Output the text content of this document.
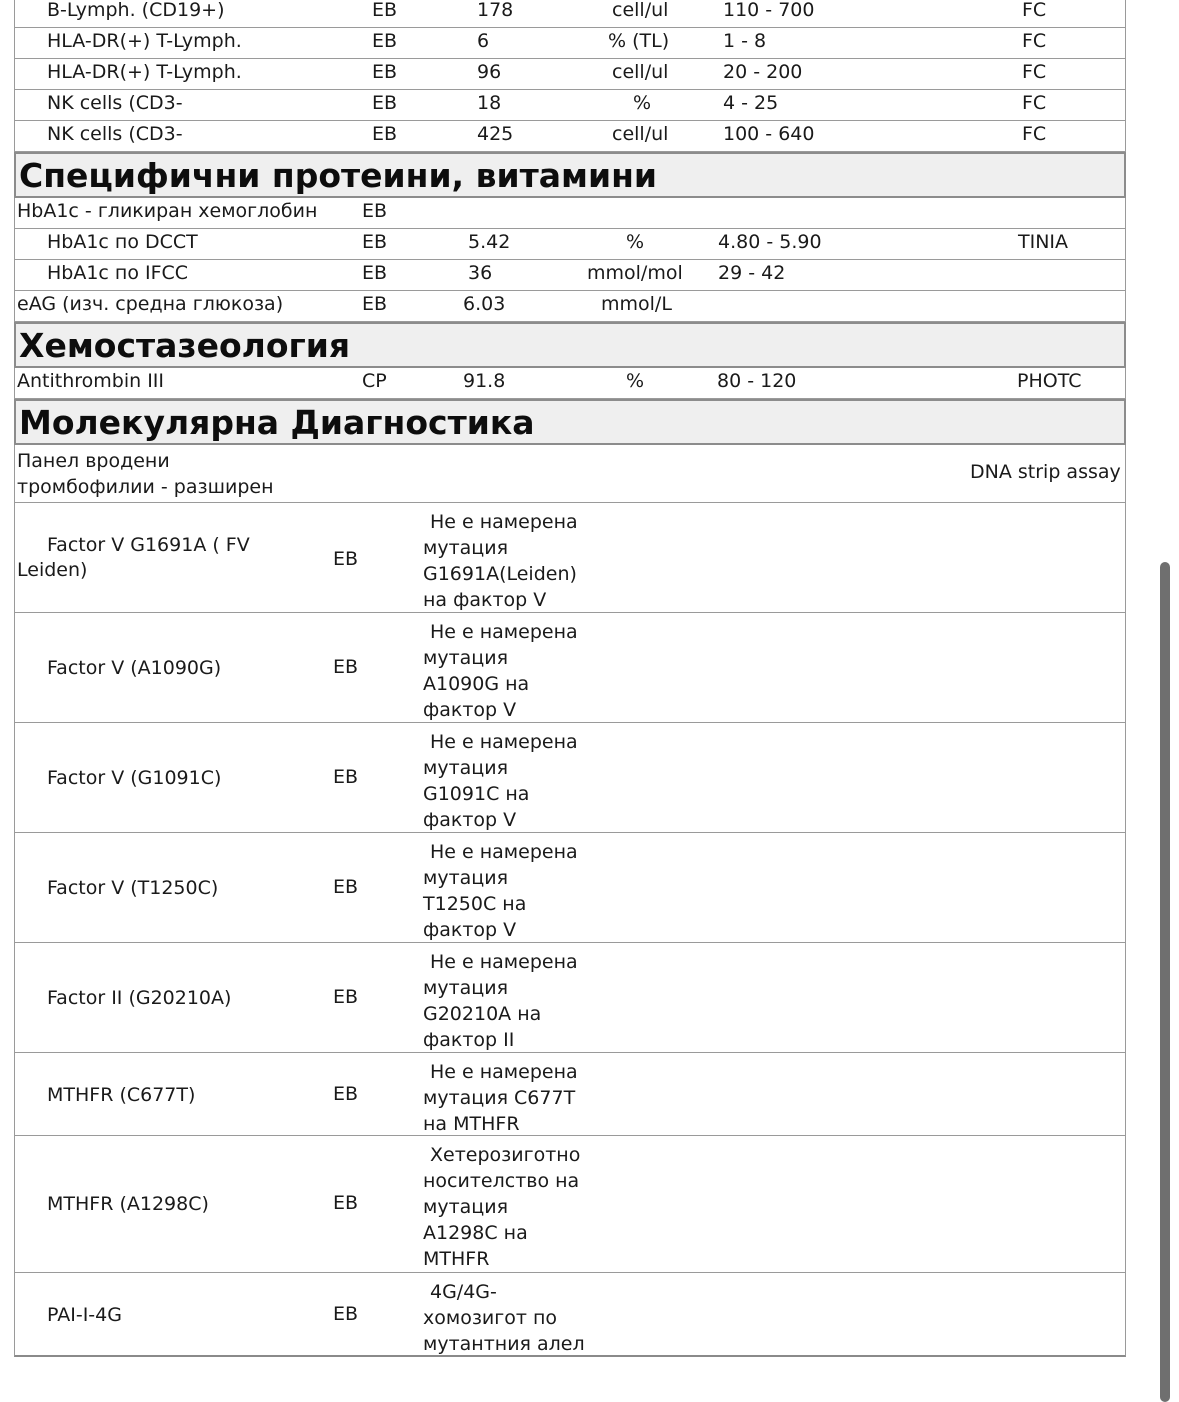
B-Lymph. (CD19+)	EB	178	cell/ul	110 - 700	FC
HLA-DR(+) T-Lymph.	EB	6	% (TL)	1 - 8	FC
HLA-DR(+) T-Lymph.	EB	96	cell/ul	20 - 200	FC
NK cells (CD3-	EB	18	%	4 - 25	FC
NK cells (CD3-	EB	425	cell/ul	100 - 640	FC
Специфични протеини, витамини
HbA1c - гликиран хемоглобин EB
HbA1c по DCCT	EB	5.42	%	4.80 - 5.90	TINIA
HbA1c по IFCC	EB	36	mmol/mol 29 - 42
eAG (изч. средна глюкоза)	EB	6.03	mmol/L
Хемостазеология
Antithrombin III	CP	91.8	%	80 - 120	PHOTC
Молекулярна Диагностика
Панел вродени
тромбофилии - разширен
DNA strip assay
Factor V G1691A ( FV
Leiden)	EB
Не е намерена
мутация
G1691A(Leiden)
на фактор V
Factor V (A1090G)	EB
Не е намерена
мутация
A1090G на
фактор V
Factor V (G1091C)	EB
Не е намерена
мутация
G1091C на
фактор V
Factor V (T1250C)	EB
Не е намерена
мутация
T1250C на
фактор V
Factor II (G20210A)	EB
Не е намерена
мутация
G20210A на
фактор II
MTHFR (C677T)	EB
Не е намерена
мутация C677T
на MTHFR
MTHFR (A1298C)	EB
Хетерозиготно
носителство на
мутация
A1298C на
MTHFR
PAI-I-4G	EB
4G/4G-
хомозигот по
мутантния алел
